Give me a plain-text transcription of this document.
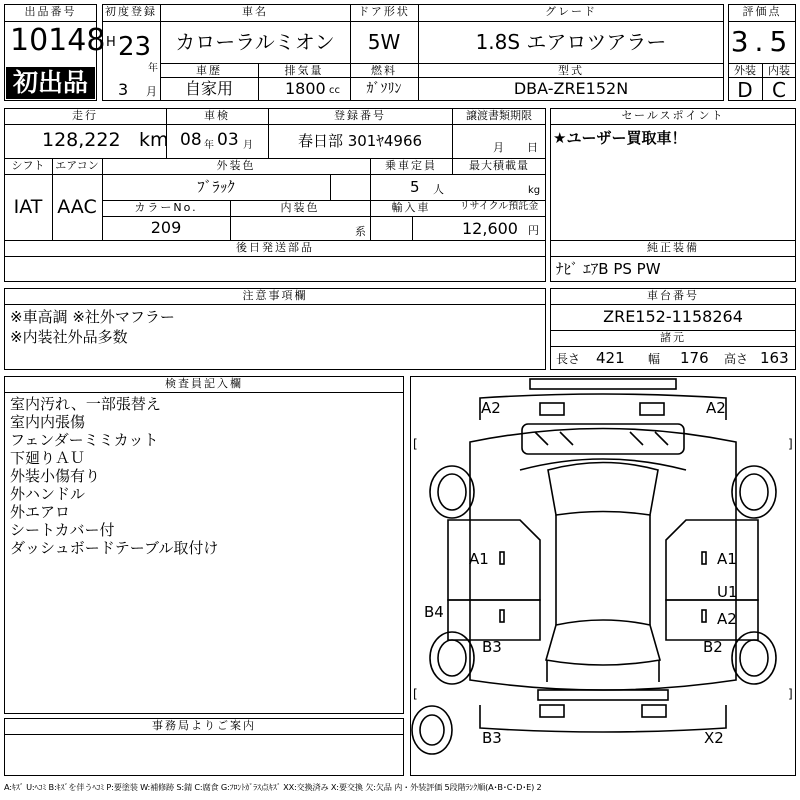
出品番号
10148
初出品
初度登録
H 23
年
3 月
車名
カローラルミオン
ドア形状
5W
グレード
1.8S エアロツアラー
車歴
自家用
排気量
1800 cc
燃料
ｶﾞｿﾘﾝ
型式
DBA-ZRE152N
評価点
3.5
外装	内装
D C
走行
128,222 km
車検
08 年 03 月
登録番号
春日部 301ﾔ4966
譲渡書類期限
月 日
シフト
IAT
エアコン
AAC
外装色
ﾌﾞﾗｯｸ
乗車定員
5 人
最大積載量
kg
カラーNo.
209
内装色
系
輸入車	リサイクル預託金
12,600 円
後日発送部品
セールスポイント
★ユーザー買取車！
純正装備
ﾅﾋﾞ ｴｱB PS PW
注意事項欄
※車高調 ※社外マフラー
※内装社外品多数
車台番号
ZRE152-1158264
諸元
長さ 421 幅 176 高さ 163
検査員記入欄
室内汚れ、一部張替え
室内内張傷
フェンダーミミカット
下廻りＡＵ
外装小傷有り
外ハンドル
外エアロ
シートカバー付
ダッシュボードテーブル取付け
事務局よりご案内
[	]
[	]
A2	A2
A1	A1
U1
A2
B4
B3	B2
B3	X2
A:ｷｽﾞ U:ﾍｺﾐ B:ｷｽﾞを伴うﾍｺﾐ P:要塗装 W:補修跡 S:錆 C:腐食 G:ﾌﾛﾝﾄｶﾞﾗｽ点ｷｽﾞ XX:交換済み X:要交換 欠:欠品 内・外装評価 5段階ﾗﾝｸ順(A･B･C･D･E) 2
